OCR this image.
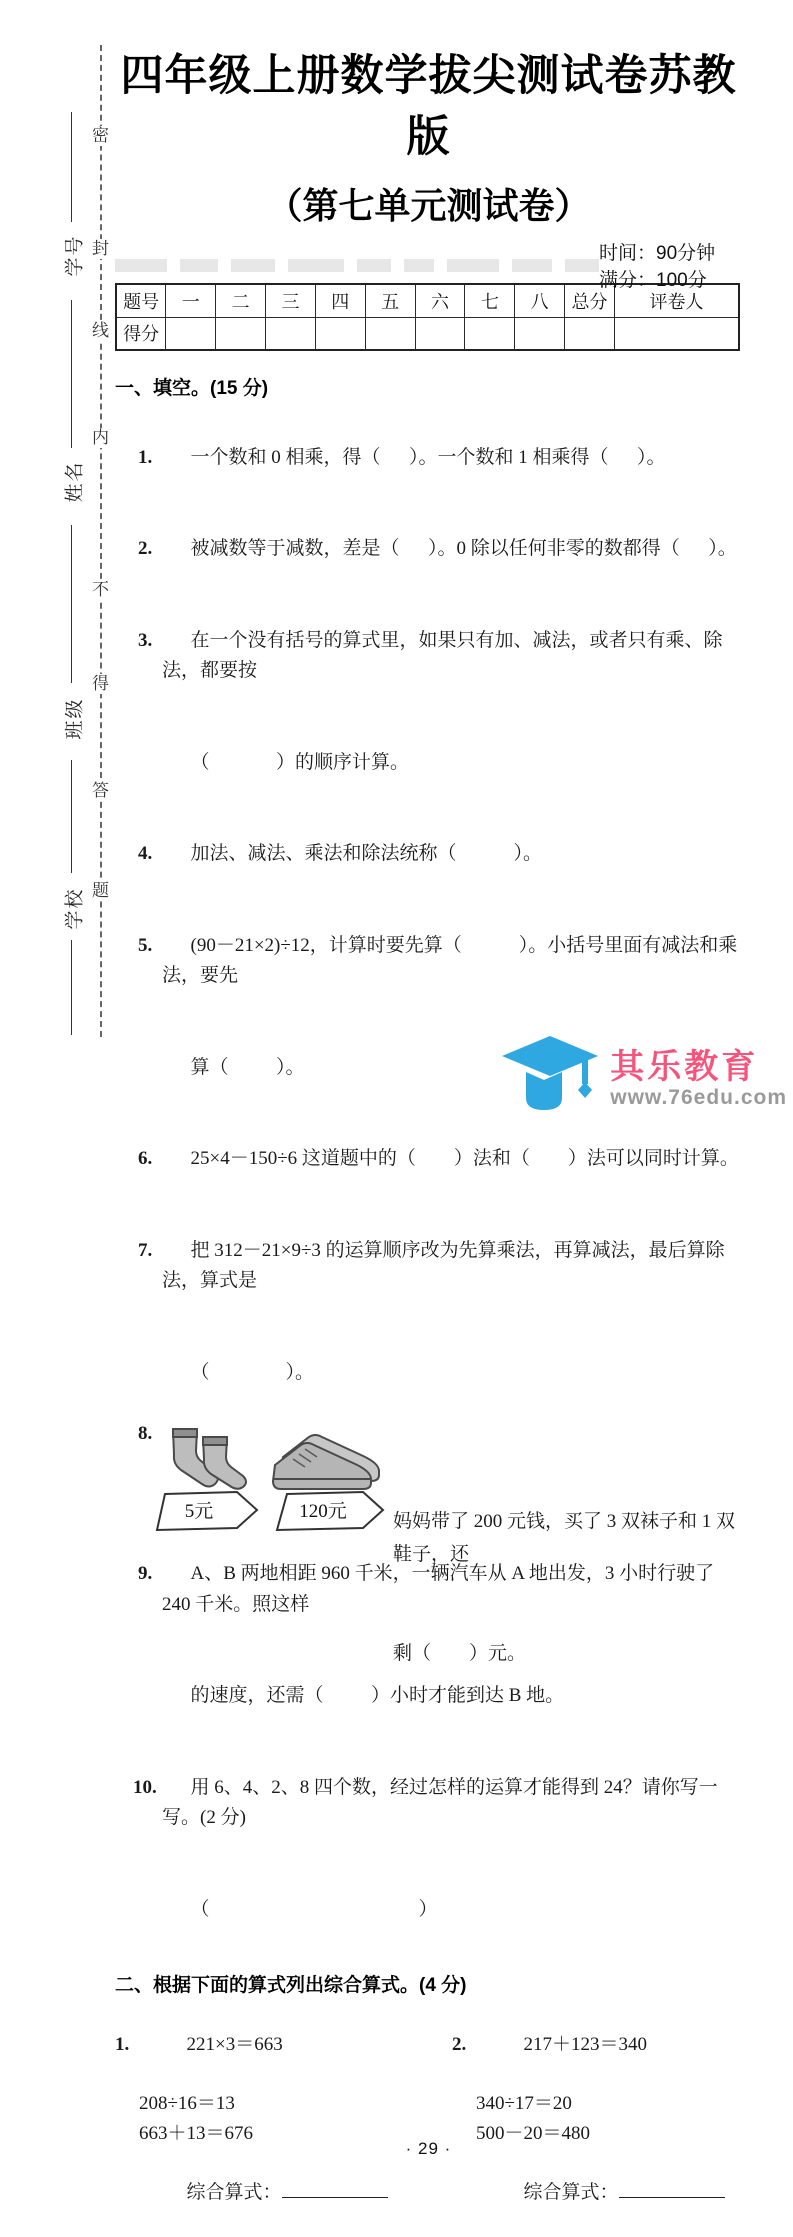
学号
姓名
班级
学校
密
封
线
内
不
得
答
题
四年级上册数学拔尖测试卷苏教版
（第七单元测试卷）
时间：90分钟  满分：100分
题号	一	二	三	四	五	六	七	八	总分	评卷人
得分										
一、填空。(15 分)

1. 一个数和 0 相乘，得（      ）。一个数和 1 相乘得（      ）。

2. 被减数等于减数，差是（      ）。0 除以任何非零的数都得（      ）。

3. 在一个没有括号的算式里，如果只有加、减法，或者只有乘、除法，都要按

（              ）的顺序计算。

4. 加法、减法、乘法和除法统称（            ）。

5. (90－21×2)÷12，计算时要先算（            ）。小括号里面有减法和乘法，要先

算（          ）。

6. 25×4－150÷6 这道题中的（        ）法和（        ）法可以同时计算。

7. 把 312－21×9÷3 的运算顺序改为先算乘法，再算减法，最后算除法，算式是

（                ）。

8.
5元	120元

妈妈带了 200 元钱，买了 3 双袜子和 1 双鞋子，还

剩（        ）元。

9. A、B 两地相距 960 千米，一辆汽车从 A 地出发，3 小时行驶了 240 千米。照这样

的速度，还需（          ）小时才能到达 B 地。

10. 用 6、4、2、8 四个数，经过怎样的运算才能得到 24？请你写一写。(2 分)

（                                            ）

二、根据下面的算式列出综合算式。(4 分)

1.	221×3＝663

208÷16＝13
663＋13＝676

综合算式：

2.	217＋123＝340

340÷17＝20
500－20＝480

综合算式：

· 29 ·
其乐教育
www.76edu.com
